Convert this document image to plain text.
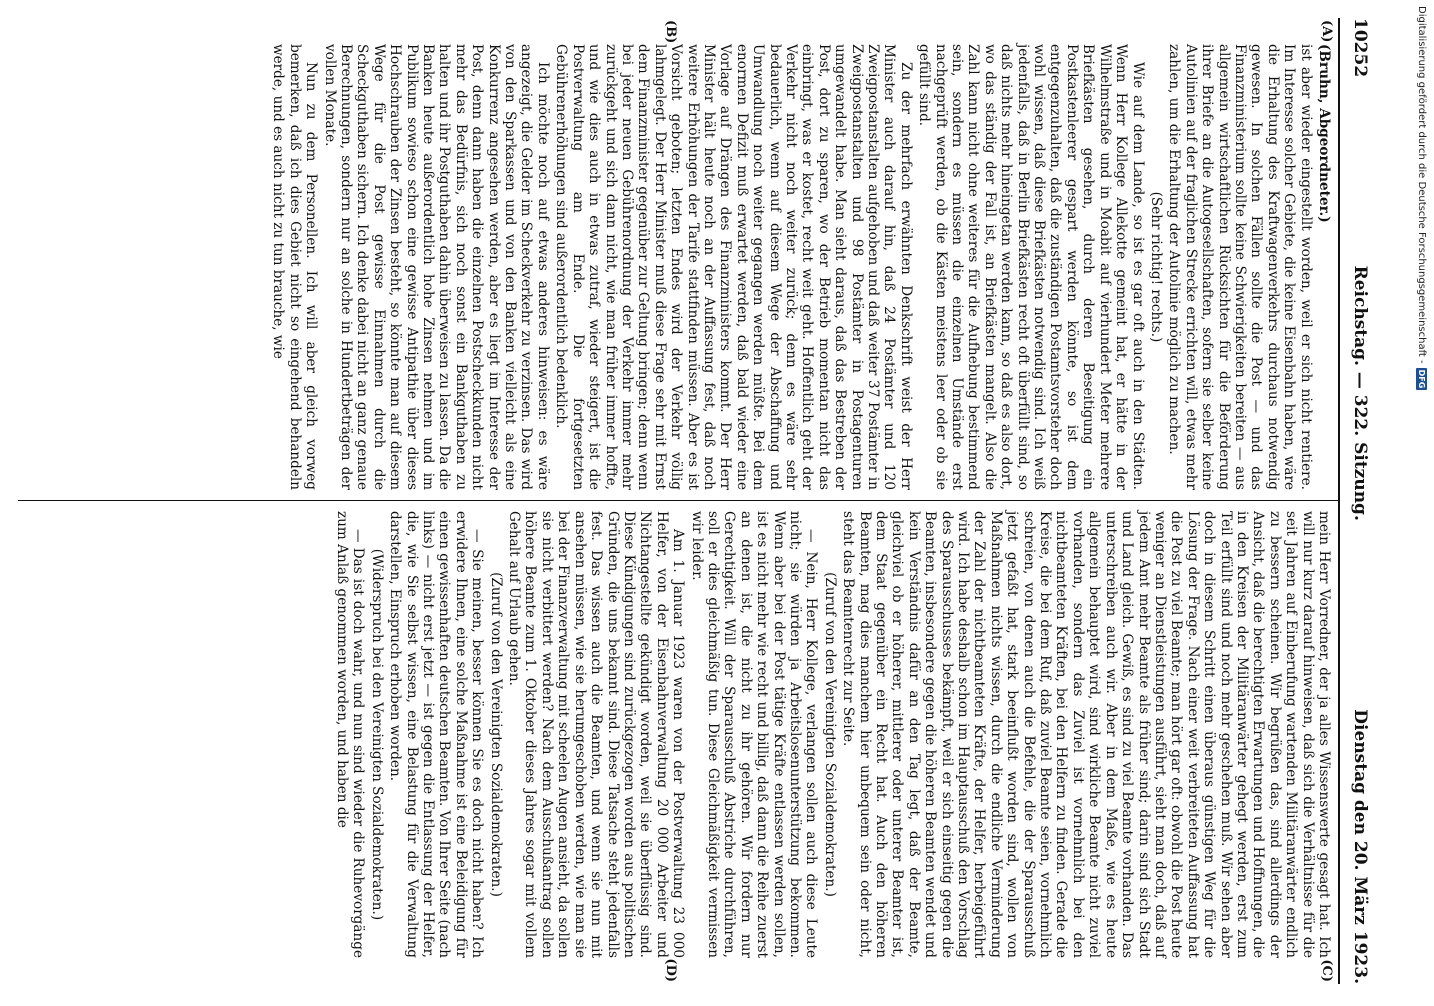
10252
Reichstag. — 322. Sitzung.
Dienstag den 20. März 1923.
(A)
(B)

(Bruhn, Abgeordneter.)

ist aber wieder eingestellt worden, weil er sich nicht rentiere. Im Interesse solcher Gebiete, die keine Eisenbahn haben, wäre die Erhaltung des Kraftwagenverkehrs durchaus notwendig gewesen. In solchen Fällen sollte die Post — und das Finanzministerium sollte keine Schwierigkeiten bereiten — aus allgemein wirtschaftlichen Rücksichten für die Beförderung ihrer Briefe an die Autogesellschaften, sofern sie selber keine Autolinien auf der fraglichen Strecke errichten will, etwas mehr zahlen, um die Erhaltung der Autolinie möglich zu machen.

(Sehr richtig! rechts.)

Wie auf dem Lande, so ist es gar oft auch in den Städten. Wenn Herr Kollege Allekotte gemeint hat, er hätte in der Wilhelmstraße und in Moabit auf vierhundert Meter mehrere Briefkästen gesehen, durch deren Beseitigung ein Postkastenleerer gespart werden könnte, so ist dem entgegenzuhalten, daß die zuständigen Postamtsvorsteher doch wohl wissen, daß diese Briefkästen notwendig sind. Ich weiß jedenfalls, daß in Berlin Briefkästen recht oft überfüllt sind, so daß nichts mehr hineingetan werden kann, so daß es also dort, wo das ständig der Fall ist, an Briefkästen mangelt. Also die Zahl kann nicht ohne weiteres für die Aufhebung bestimmend sein, sondern es müssen die einzelnen Umstände erst nachgeprüft werden, ob die Kästen meistens leer oder ob sie gefüllt sind.

Zu der mehrfach erwähnten Denkschrift weist der Herr Minister auch darauf hin, daß 24 Postämter und 120 Zweigpostanstalten aufgehoben und daß weiter 37 Postämter in Zweigpostanstalten und 98 Postämter in Postagenturen umgewandelt habe. Man sieht daraus, daß das Bestreben der Post, dort zu sparen, wo der Betrieb momentan nicht das einbringt, was er kostet, recht weit geht. Hoffentlich geht der Verkehr nicht noch weiter zurück; denn es wäre sehr bedauerlich, wenn auf diesem Wege der Abschaffung und Umwandlung noch weiter gegangen werden müßte. Bei dem enormen Defizit muß erwartet werden, daß bald wieder eine Vorlage auf Drängen des Finanzministers kommt. Der Herr Minister hält heute noch an der Auffassung fest, daß noch weitere Erhöhungen der Tarife stattfinden müssen. Aber es ist Vorsicht geboten; letzten Endes wird der Verkehr völlig lahmgelegt. Der Herr Minister muß diese Frage sehr mit Ernst dem Finanzminister gegenüber zur Geltung bringen; denn wenn bei jeder neuen Gebührenordnung der Verkehr immer mehr zurückgeht und sich dann nicht, wie man früher immer hoffte, und wie dies auch in etwas zutraf, wieder steigert, ist die Postverwaltung am Ende. Die fortgesetzten Gebührenerhöhungen sind außerordentlich bedenklich.

Ich möchte noch auf etwas anderes hinweisen: es wäre angezeigt, die Gelder im Scheckverkehr zu verzinsen. Das wird von den Sparkassen und von den Banken vielleicht als eine Konkurrenz angesehen werden, aber es liegt im Interesse der Post, denn dann haben die einzelnen Postscheckkunden nicht mehr das Bedürfnis, sich noch sonst ein Bankguthaben zu halten und ihr Postguthaben dahin überweisen zu lassen. Da die Banken heute außerordentlich hohe Zinsen nehmen und im Publikum sowieso schon eine gewisse Antipathie über dieses Hochschrauben der Zinsen besteht, so könnte man auf diesem Wege für die Post gewisse Einnahmen durch die Scheckguthaben sichern. Ich denke dabei nicht an ganz genaue Berechnungen, sondern nur an solche in Hundertbeträgen der vollen Monate.

Nun zu dem Personellen. Ich will aber gleich vorweg bemerken, daß ich dies Gebiet nicht so eingehend behandeln werde, und es auch nicht zu tun brauche, wie

(C)
(D)

mein Herr Vorredner, der ja alles Wissenswerte gesagt hat. Ich will nur kurz darauf hinweisen, daß sich die Verhältnisse für die seit Jahren auf Einberufung wartenden Militäranwärter endlich zu bessern scheinen. Wir begrüßen das, sind allerdings der Ansicht, daß die berechtigten Erwartungen und Hoffnungen, die in den Kreisen der Militäranwärter gehegt werden, erst zum Teil erfüllt sind und noch mehr geschehen muß. Wir sehen aber doch in diesem Schritt einen überaus günstigen Weg für die Lösung der Frage. Nach einer weit verbreiteten Auffassung hat die Post zu viel Beamte; man hört gar oft: obwohl die Post heute weniger an Dienstleistungen ausführt, sieht man doch, daß auf jedem Amt mehr Beamte als früher sind; darin sind sich Stadt und Land gleich. Gewiß, es sind zu viel Beamte vorhanden. Das unterschreiben auch wir. Aber in dem Maße, wie es heute allgemein behauptet wird, sind wirkliche Beamte nicht zuviel vorhanden, sondern das Zuviel ist vornehmlich bei den nichtbeamteten Kräften, bei den Helfern zu finden. Gerade die Kreise, die bei dem Ruf, daß zuviel Beamte seien, vornehmlich schreien, von denen auch die Befehle, die der Sparausschuß jetzt gefaßt hat, stark beeinflußt worden sind, wollen von Maßnahmen nichts wissen, durch die endliche Verminderung der Zahl der nichtbeamteten Kräfte, der Helfer, herbeigeführt wird. Ich habe deshalb schon im Hauptausschuß den Vorschlag des Sparausschusses bekämpft, weil er sich einseitig gegen die Beamten, insbesondere gegen die höheren Beamten wendet und kein Verständnis dafür an den Tag legt, daß der Beamte, gleichviel ob er höherer, mittlerer oder unterer Beamter ist, dem Staat gegenüber ein Recht hat. Auch den höheren Beamten, mag dies manchem hier unbequem sein oder nicht, steht das Beamtenrecht zur Seite.

(Zuruf von den Vereinigten Sozialdemokraten.)

— Nein, Herr Kollege, verlangen sollen auch diese Leute nicht; sie würden ja Arbeitslosenunterstützung bekommen. Wenn aber bei der Post tätige Kräfte entlassen werden sollen, ist es nicht mehr wie recht und billig, daß dann die Reihe zuerst an denen ist, die nicht zu ihr gehören. Wir fordern nur Gerechtigkeit. Will der Sparausschuß Abstriche durchführen, soll er dies gleichmäßig tun. Diese Gleichmäßigkeit vermissen wir leider.

Am 1. Januar 1923 waren von der Postverwaltung 23 000 Helfer, von der Eisenbahnverwaltung 20 000 Arbeiter und Nichtangestellte gekündigt worden, weil sie überflüssig sind. Diese Kündigungen sind zurückgezogen worden aus politischen Gründen, die uns bekannt sind. Diese Tatsache steht jedenfalls fest. Das wissen auch die Beamten, und wenn sie nun mit ansehen müssen, wie sie herumgeschoben werden, wie man sie bei der Finanzverwaltung mit scheelen Augen ansieht, da sollen sie nicht verbittert werden? Nach dem Ausschußantrag sollen höhere Beamte zum 1. Oktober dieses Jahres sogar mit vollem Gehalt auf Urlaub gehen.

(Zuruf von den Vereinigten Sozialdemokraten.)

— Sie meinen, besser können Sie es doch nicht haben? Ich erwidere Ihnen, eine solche Maßnahme ist eine Beleidigung für einen gewissenhaften deutschen Beamten. Von Ihrer Seite (nach links) — nicht erst jetzt — ist gegen die Entlassung der Helfer, die, wie Sie selbst wissen, eine Belastung für die Verwaltung darstellen, Einspruch erhoben worden.

(Widerspruch bei den Vereinigten Sozialdemokraten.)

— Das ist doch wahr, und nun sind wieder die Ruhevorgänge zum Anlaß genommen worden, und haben die

Digitalisierung gefördert durch die Deutsche Forschungsgemeinschaft -
DFG
